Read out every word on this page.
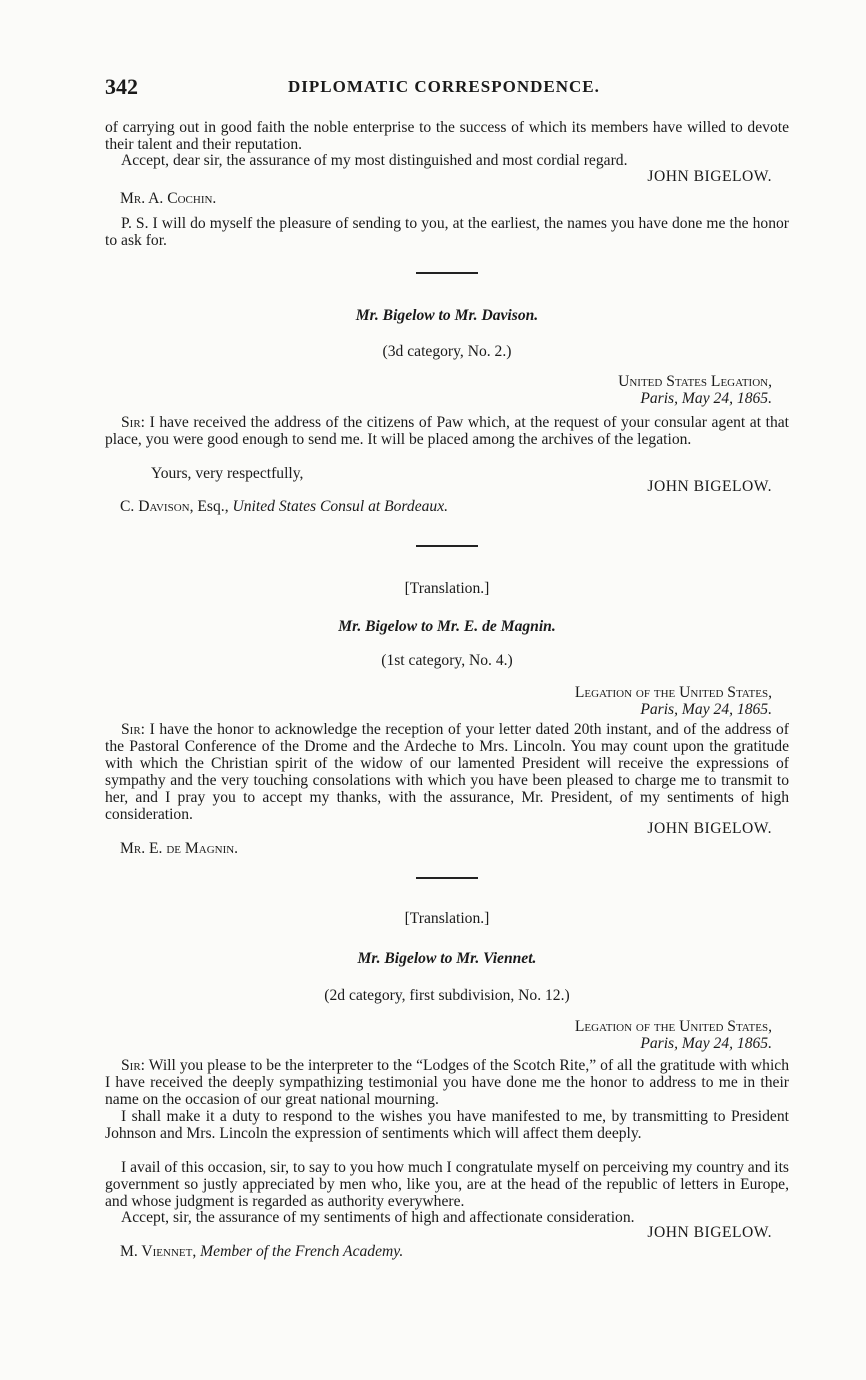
342	DIPLOMATIC CORRESPONDENCE.
of carrying out in good faith the noble enterprise to the success of which its members have willed to devote their talent and their reputation.
Accept, dear sir, the assurance of my most distinguished and most cordial regard.
JOHN BIGELOW.
Mr. A. Cochin.
P. S. I will do myself the pleasure of sending to you, at the earliest, the names you have done me the honor to ask for.
Mr. Bigelow to Mr. Davison.
(3d category, No. 2.)
United States Legation,
Paris, May 24, 1865.
Sir: I have received the address of the citizens of Paw which, at the request of your consular agent at that place, you were good enough to send me. It will be placed among the archives of the legation.
Yours, very respectfully,
JOHN BIGELOW.
C. Davison, Esq., United States Consul at Bordeaux.
[Translation.]
Mr. Bigelow to Mr. E. de Magnin.
(1st category, No. 4.)
Legation of the United States,
Paris, May 24, 1865.
Sir: I have the honor to acknowledge the reception of your letter dated 20th instant, and of the address of the Pastoral Conference of the Drome and the Ardeche to Mrs. Lincoln. You may count upon the gratitude with which the Christian spirit of the widow of our lamented President will receive the expressions of sympathy and the very touching consolations with which you have been pleased to charge me to transmit to her, and I pray you to accept my thanks, with the assurance, Mr. President, of my sentiments of high consideration.
JOHN BIGELOW.
Mr. E. de Magnin.
[Translation.]
Mr. Bigelow to Mr. Viennet.
(2d category, first subdivision, No. 12.)
Legation of the United States,
Paris, May 24, 1865.
Sir: Will you please to be the interpreter to the “Lodges of the Scotch Rite,” of all the gratitude with which I have received the deeply sympathizing testimonial you have done me the honor to address to me in their name on the occasion of our great national mourning.
I shall make it a duty to respond to the wishes you have manifested to me, by transmitting to President Johnson and Mrs. Lincoln the expression of sentiments which will affect them deeply.
I avail of this occasion, sir, to say to you how much I congratulate myself on perceiving my country and its government so justly appreciated by men who, like you, are at the head of the republic of letters in Europe, and whose judgment is regarded as authority everywhere.
Accept, sir, the assurance of my sentiments of high and affectionate consideration.
JOHN BIGELOW.
M. Viennet, Member of the French Academy.
